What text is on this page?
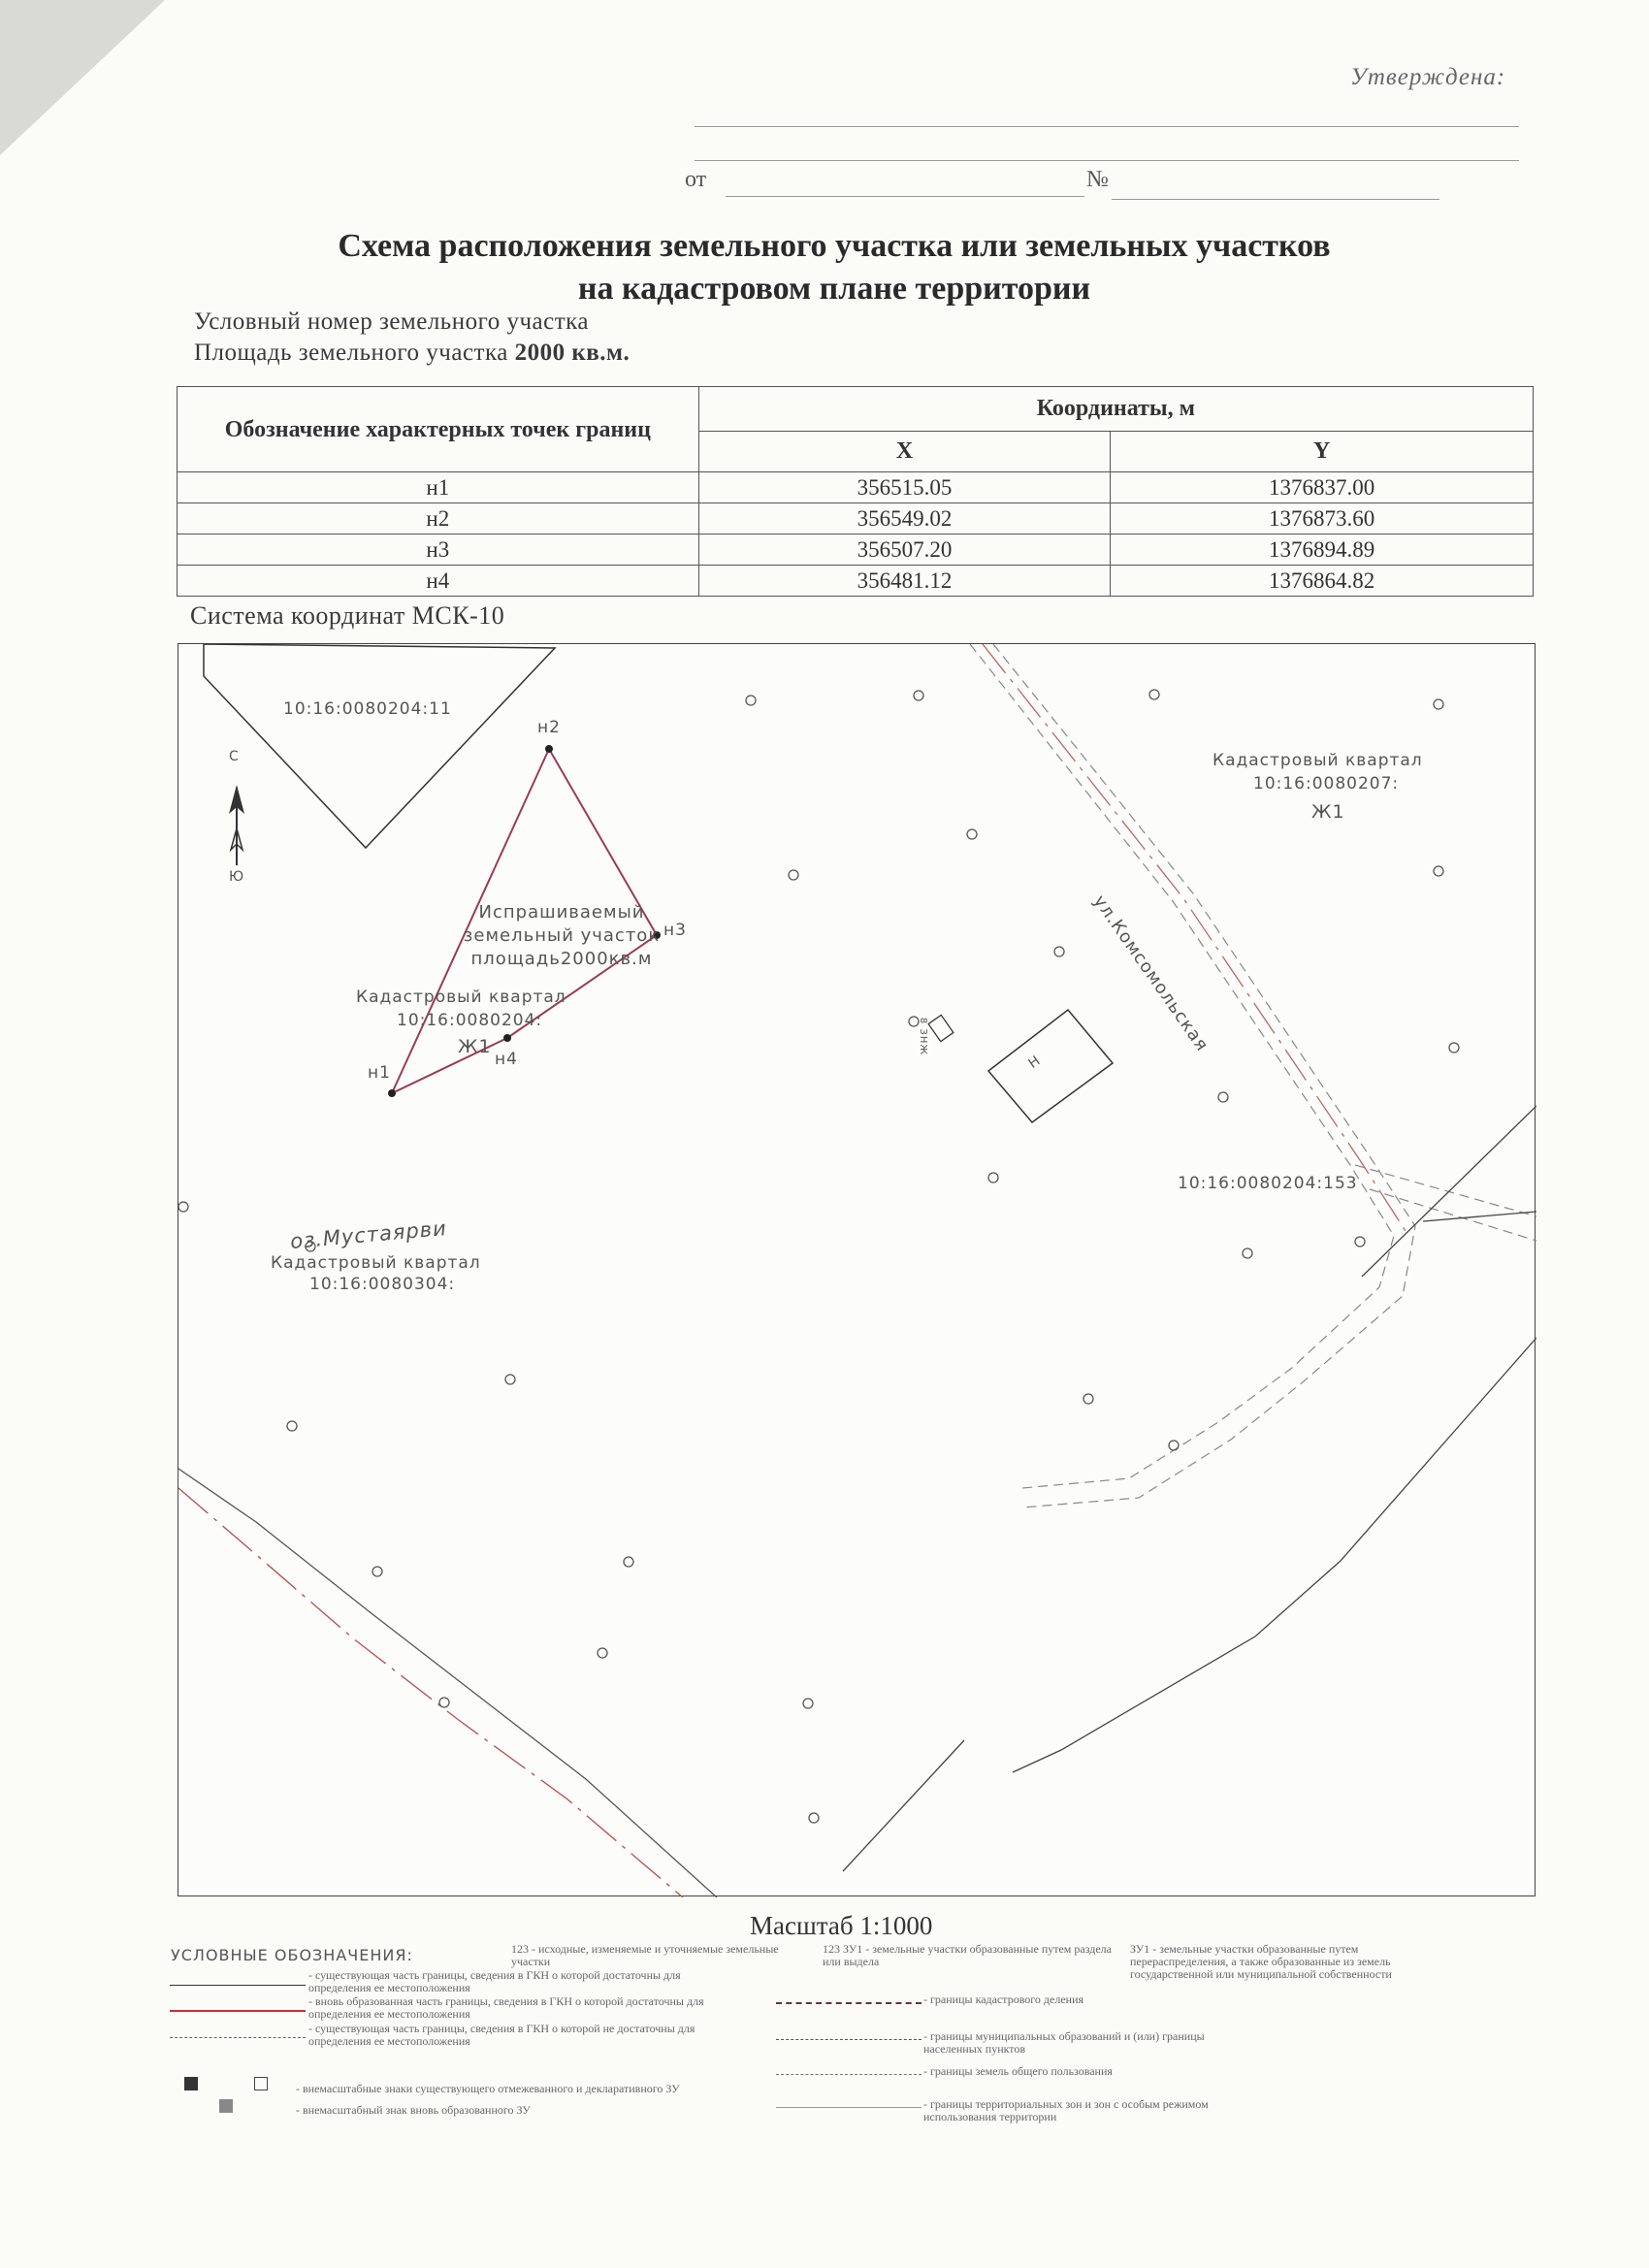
Утверждена:
от	№
Схема расположения земельного участка или земельных участков
на кадастровом плане территории
Условный номер земельного участка
Площадь земельного участка 2000 кв.м.
Обозначение характерных точек границ	Координаты, м	
	X	Y
н1	356515.05	1376837.00
н2	356549.02	1376873.60
н3	356507.20	1376894.89
н4	356481.12	1376864.82
Система координат МСК-10
10:16:0080204:11
С
Ю
Кадастровый квартал
10:16:0080207:
Ж1
ул.Комсомольская
н1
н2
н3
н4
Испрашиваемый
земельный участок
площадь2000кв.м
Кадастровый квартал
10:16:0080204:
Ж1
Н
8 ЗНЖ
10:16:0080204:153
оз.Мустаярви
Кадастровый квартал
10:16:0080304:
Масштаб 1:1000
УСЛОВНЫЕ ОБОЗНАЧЕНИЯ:	123 - исходные, изменяемые и уточняемые земельные участки
123 ЗУ1 - земельные участки образованные путем раздела или выдела
ЗУ1 - земельные участки образованные путем перераспределения, а также образованные из земель государственной или муниципальной собственности
- существующая часть границы, сведения в ГКН о которой достаточны для определения ее местоположения
- вновь образованная часть границы, сведения в ГКН о которой достаточны для определения ее местоположения
- существующая часть границы, сведения в ГКН о которой не достаточны для определения ее местоположения
- границы кадастрового деления
- границы муниципальных образований и (или) границы населенных пунктов
- границы земель общего пользования
- границы территориальных зон и зон с особым режимом использования территории
- внемасштабные знаки существующего отмежеванного и декларативного ЗУ
- внемасштабный знак вновь образованного ЗУ
